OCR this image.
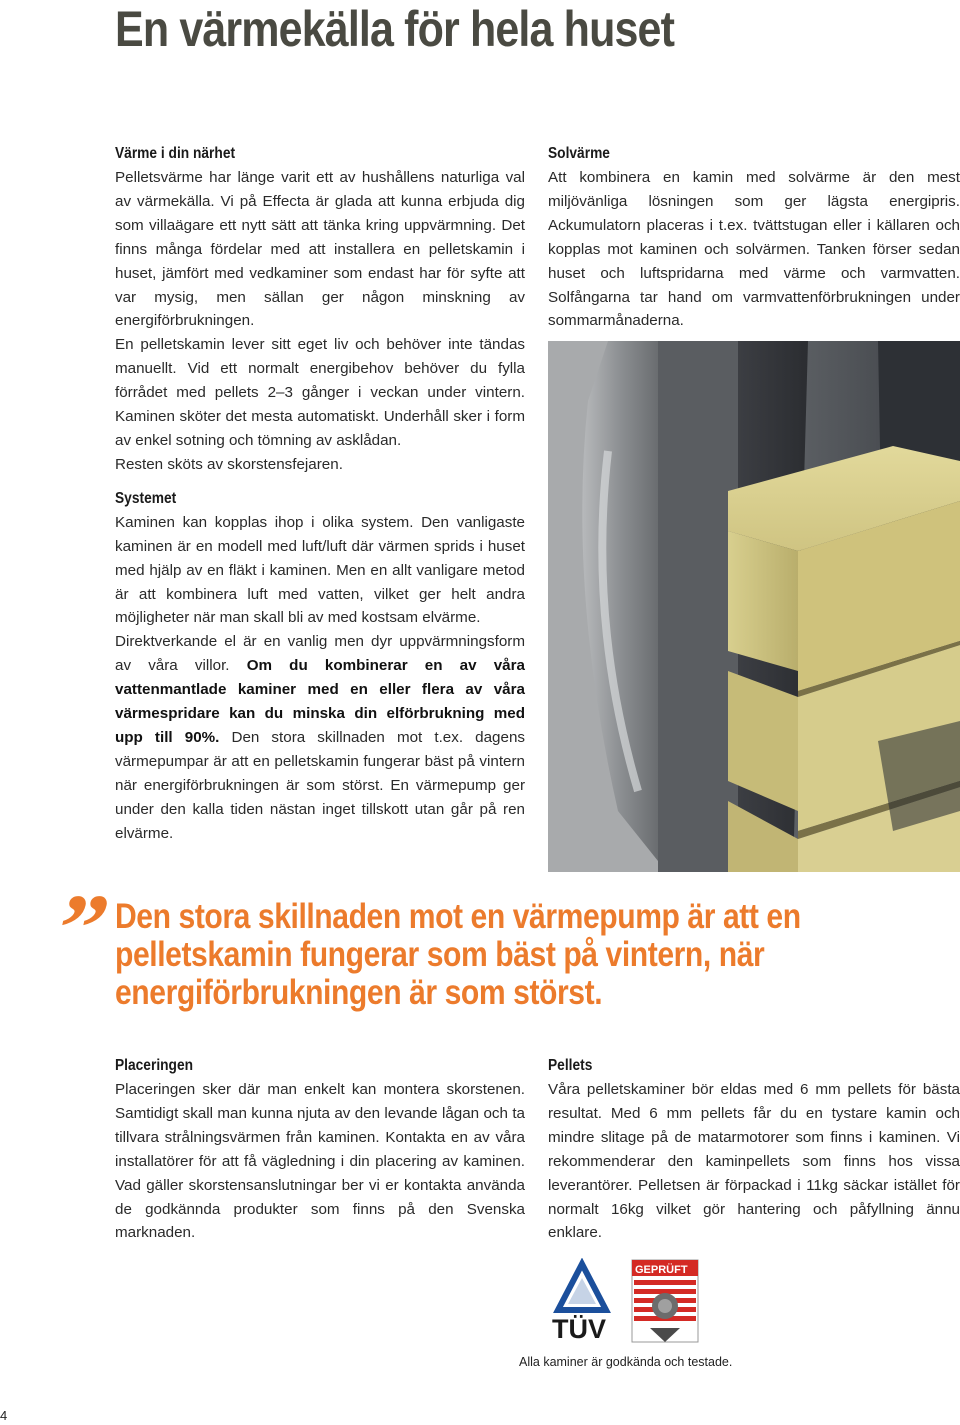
En värmekälla för hela huset
Värme i din närhet

Pelletsvärme har länge varit ett av hushållens naturliga val av värmekälla. Vi på Effecta är glada att kunna erbjuda dig som villaägare ett nytt sätt att tänka kring uppvärmning. Det finns många fördelar med att installera en pelletskamin i huset, jämfört med vedkaminer som endast har för syfte att var mysig, men sällan ger någon minskning av energiförbrukningen.

En pelletskamin lever sitt eget liv och behöver inte tändas manuellt. Vid ett normalt energibehov behöver du fylla förrådet med pellets 2–3 gånger i veckan under vintern. Kaminen sköter det mesta automatiskt. Underhåll sker i form av enkel sotning och tömning av asklådan.

Resten sköts av skorstensfejaren.

Systemet

Kaminen kan kopplas ihop i olika system. Den vanligaste kaminen är en modell med luft/luft där värmen sprids i huset med hjälp av en fläkt i kaminen. Men en allt vanligare metod är att kombinera luft med vatten, vilket ger helt andra möjligheter när man skall bli av med kostsam elvärme.

Direktverkande el är en vanlig men dyr uppvärmningsform av våra villor. Om du kombinerar en av våra vattenmantlade kaminer med en eller flera av våra värmespridare kan du minska din elförbrukning med upp till 90%. Den stora skillnaden mot t.ex. dagens värmepumpar är att en pelletskamin fungerar bäst på vintern när energiförbrukningen är som störst. En värmepump ger under den kalla tiden nästan inget tillskott utan går på ren elvärme.

Solvärme

Att kombinera en kamin med solvärme är den mest miljövänliga lösningen som ger lägsta energipris. Ackumulatorn placeras i t.ex. tvättstugan eller i källaren och kopplas mot kaminen och solvärmen. Tanken förser sedan huset och luftspridarna med värme och varmvatten. Solfångarna tar hand om varmvattenförbrukningen under sommarmånaderna.

”

Den stora skillnaden mot en värmepump är att en pelletskamin fungerar som bäst på vintern, när energiförbrukningen är som störst.

Placeringen

Placeringen sker där man enkelt kan montera skorstenen. Samtidigt skall man kunna njuta av den levande lågan och ta tillvara strålningsvärmen från kaminen. Kontakta en av våra installatörer för att få vägledning i din placering av kaminen. Vad gäller skorstensanslutningar ber vi er kontakta använda de godkännda produkter som finns på den Svenska marknaden.

Pellets

Våra pelletskaminer bör eldas med 6 mm pellets för bästa resultat. Med 6 mm pellets får du en tystare kamin och mindre slitage på de matarmotorer som finns i kaminen. Vi rekommenderar den kaminpellets som finns hos vissa leverantörer. Pelletsen är förpackad i 11kg säckar istället för normalt 16kg vilket gör hantering och påfyllning ännu enklare.

TÜV
GEPRÜFT
Alla kaminer är godkända och testade.
4
